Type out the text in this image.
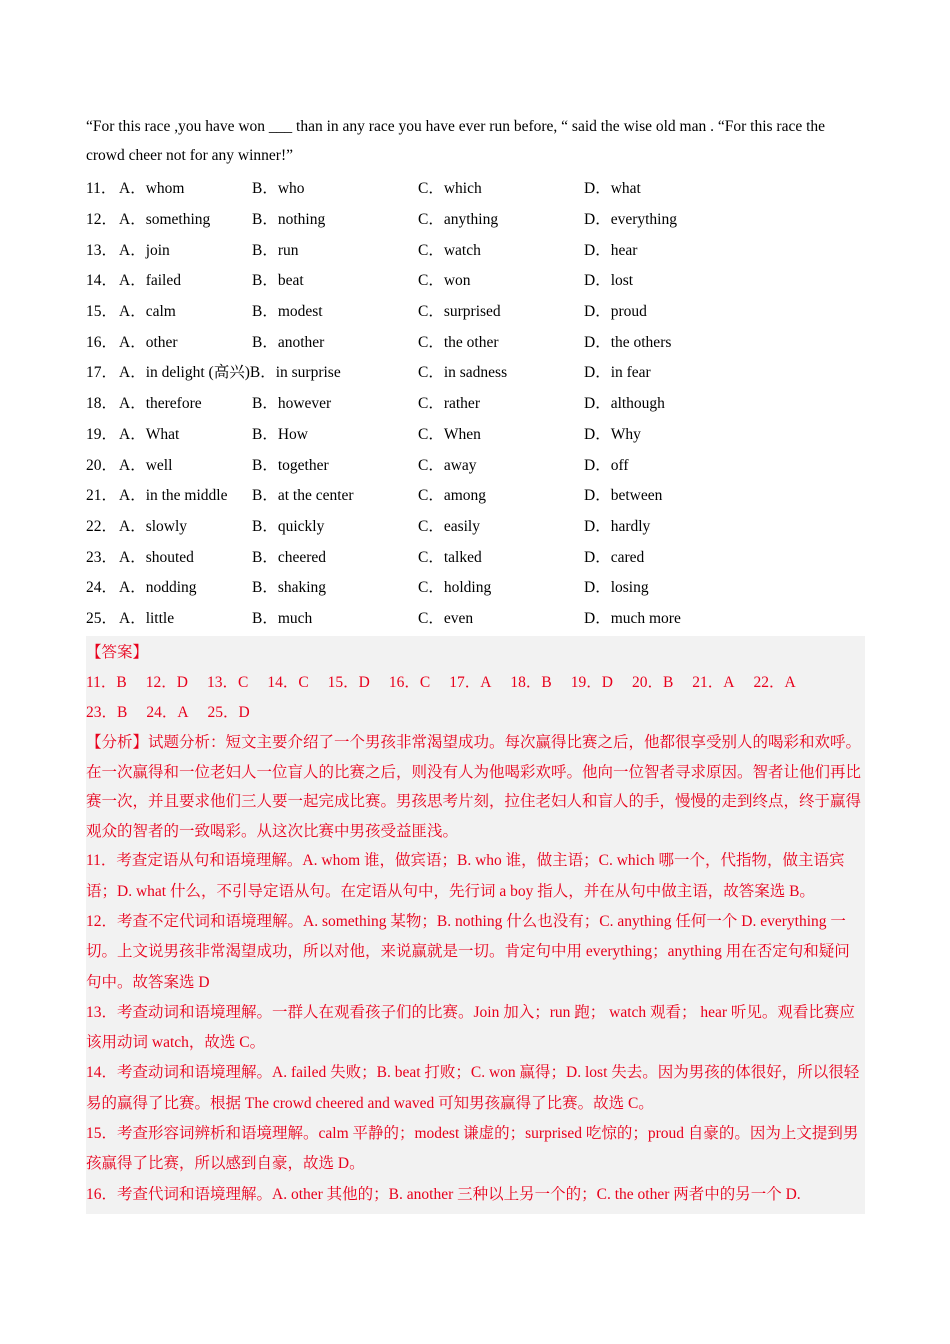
“For this race ,you have won ___ than in any race you have ever run before, “ said the wise old man . “For this race the crowd cheer not for any winner!”
11． A．whom	B．who	C．which	D．what
12． A．something	B．nothing	C．anything	D．everything
13． A．join	B．run	C．watch	D．hear
14． A．failed	B．beat	C．won	D．lost
15． A．calm	B．modest	C．surprised	D．proud
16． A．other	B．another	C．the other	D．the others
17． A．in delight (高兴)B．in surprise	C．in sadness	D．in fear
18． A．therefore	B．however	C．rather	D．although
19． A．What	B．How	C．When	D．Why
20． A．well	B．together	C．away	D．off
21． A．in the middle	B．at the center	C．among	D．between
22． A．slowly	B．quickly	C．easily	D．hardly
23． A．shouted	B．cheered	C．talked	D．cared
24． A．nodding	B．shaking	C．holding	D．losing
25． A．little	B．much	C．even	D．much more
【答案】
11．B 12．D 13．C 14．C 15．D 16．C 17．A 18．B 19．D 20．B 21．A 22．A
23．B 24．A 25．D
【分析】试题分析：短文主要介绍了一个男孩非常渴望成功。每次赢得比赛之后，他都很享受别人的喝彩和欢呼。在一次赢得和一位老妇人一位盲人的比赛之后，则没有人为他喝彩欢呼。他向一位智者寻求原因。智者让他们再比赛一次，并且要求他们三人要一起完成比赛。男孩思考片刻，拉住老妇人和盲人的手，慢慢的走到终点，终于赢得观众的智者的一致喝彩。从这次比赛中男孩受益匪浅。
11．考查定语从句和语境理解。A. whom 谁，做宾语；B. who 谁，做主语；C. which 哪一个，代指物，做主语宾语；D. what 什么，不引导定语从句。在定语从句中，先行词 a boy 指人，并在从句中做主语，故答案选 B。
12．考查不定代词和语境理解。A. something 某物；B. nothing 什么也没有；C. anything 任何一个 D. everything 一切。上文说男孩非常渴望成功，所以对他，来说赢就是一切。肯定句中用 everything；anything 用在否定句和疑问句中。故答案选 D
13．考查动词和语境理解。一群人在观看孩子们的比赛。Join 加入；run 跑； watch 观看； hear 听见。观看比赛应该用动词 watch，故选 C。
14．考查动词和语境理解。A. failed 失败；B. beat 打败；C. won 赢得；D. lost 失去。因为男孩的体很好，所以很轻易的赢得了比赛。根据 The crowd cheered and waved 可知男孩赢得了比赛。故选 C。
15．考查形容词辨析和语境理解。calm 平静的；modest 谦虚的；surprised 吃惊的；proud 自豪的。因为上文提到男孩赢得了比赛，所以感到自豪，故选 D。
16．考查代词和语境理解。A. other 其他的；B. another 三种以上另一个的；C. the other 两者中的另一个 D.
